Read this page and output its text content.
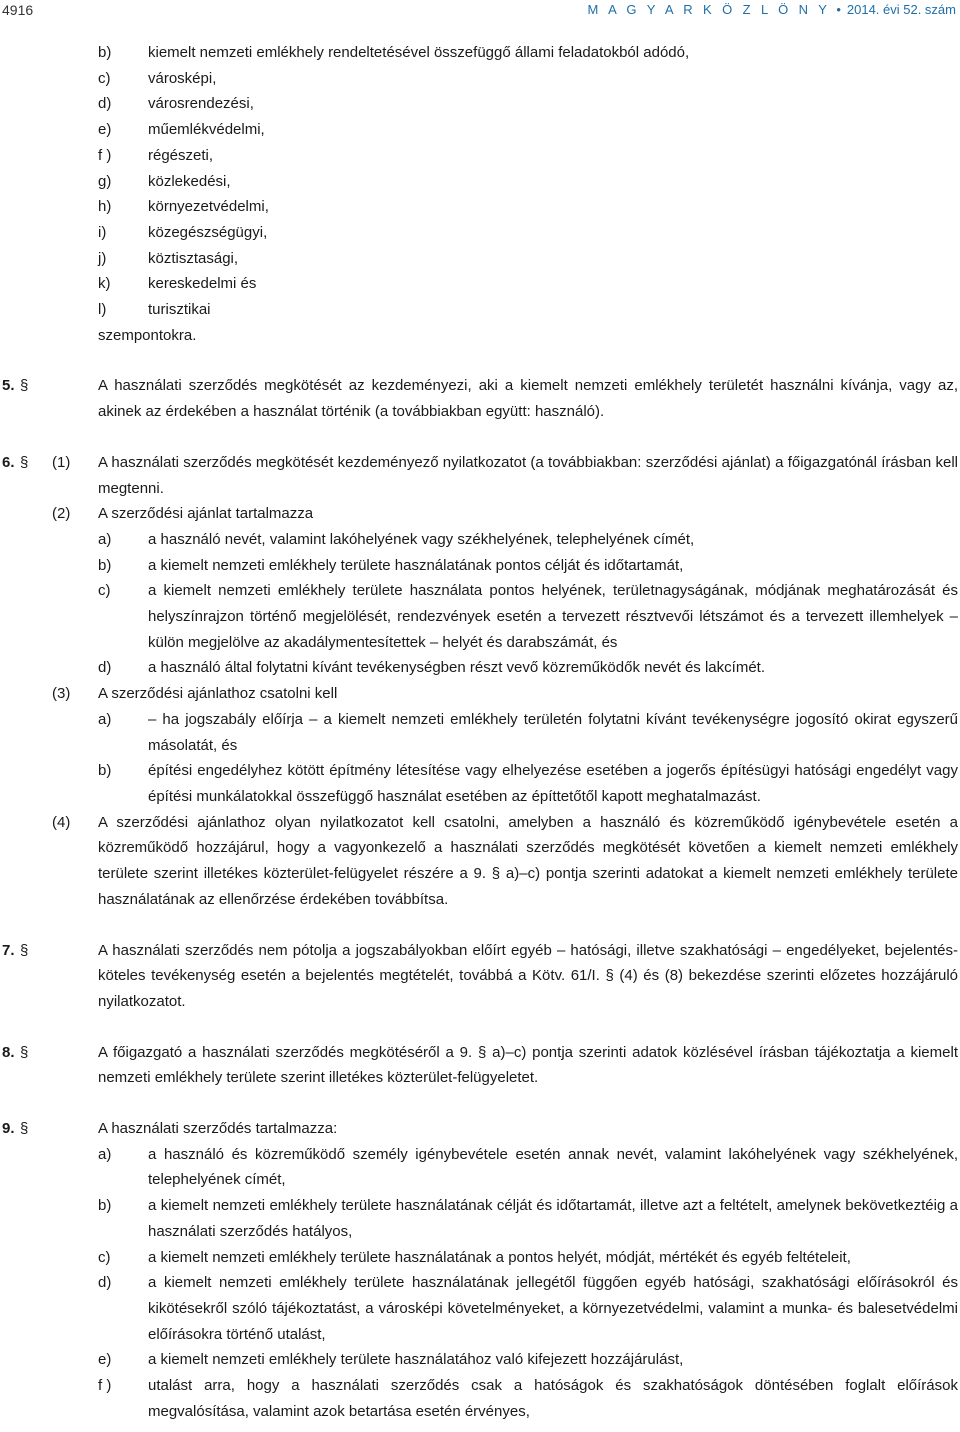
4916	M A G Y A R K Ö Z L Ö N Y • 2014. évi 52. szám
b)	kiemelt nemzeti emlékhely rendeltetésével összefüggő állami feladatokból adódó,
c)	városképi,
d)	városrendezési,
e)	műemlékvédelmi,
f )	régészeti,
g)	közlekedési,
h)	környezetvédelmi,
i)	közegészségügyi,
j)	köztisztasági,
k)	kereskedelmi és
l)	turisztikai
szempontokra.
5. §	A használati szerződés megkötését az kezdeményezi, aki a kiemelt nemzeti emlékhely területét használni kívánja, vagy az, akinek az érdekében a használat történik (a továbbiakban együtt: használó).
6. § (1) A használati szerződés megkötését kezdeményező nyilatkozatot (a továbbiakban: szerződési ajánlat) a főigazgatónál írásban kell megtenni.
(2) A szerződési ajánlat tartalmazza
a)	a használó nevét, valamint lakóhelyének vagy székhelyének, telephelyének címét,
b)	a kiemelt nemzeti emlékhely területe használatának pontos célját és időtartamát,
c)	a kiemelt nemzeti emlékhely területe használata pontos helyének, területnagyságának, módjának meghatározását és helyszínrajzon történő megjelölését, rendezvények esetén a tervezett résztvevői létszámot és a tervezett illemhelyek – külön megjelölve az akadálymentesítettek – helyét és darabszámát, és
d)	a használó által folytatni kívánt tevékenységben részt vevő közreműködők nevét és lakcímét.
(3) A szerződési ajánlathoz csatolni kell
a)	– ha jogszabály előírja – a kiemelt nemzeti emlékhely területén folytatni kívánt tevékenységre jogosító okirat egyszerű másolatát, és
b)	építési engedélyhez kötött építmény létesítése vagy elhelyezése esetében a jogerős építésügyi hatósági engedélyt vagy építési munkálatokkal összefüggő használat esetében az építtetőtől kapott meghatalmazást.
(4) A szerződési ajánlathoz olyan nyilatkozatot kell csatolni, amelyben a használó és közreműködő igénybevétele esetén a közreműködő hozzájárul, hogy a vagyonkezelő a használati szerződés megkötését követően a kiemelt nemzeti emlékhely területe szerint illetékes közterület-felügyelet részére a 9. § a)–c) pontja szerinti adatokat a kiemelt nemzeti emlékhely területe használatának az ellenőrzése érdekében továbbítsa.
7. §	A használati szerződés nem pótolja a jogszabályokban előírt egyéb – hatósági, illetve szakhatósági – engedélyeket, bejelentés-köteles tevékenység esetén a bejelentés megtételét, továbbá a Kötv. 61/I. § (4) és (8) bekezdése szerinti előzetes hozzájáruló nyilatkozatot.
8. §	A főigazgató a használati szerződés megkötéséről a 9. § a)–c) pontja szerinti adatok közlésével írásban tájékoztatja a kiemelt nemzeti emlékhely területe szerint illetékes közterület-felügyeletet.
9. §	A használati szerződés tartalmazza:
a)	a használó és közreműködő személy igénybevétele esetén annak nevét, valamint lakóhelyének vagy székhelyének, telephelyének címét,
b)	a kiemelt nemzeti emlékhely területe használatának célját és időtartamát, illetve azt a feltételt, amelynek bekövetkeztéig a használati szerződés hatályos,
c)	a kiemelt nemzeti emlékhely területe használatának a pontos helyét, módját, mértékét és egyéb feltételeit,
d)	a kiemelt nemzeti emlékhely területe használatának jellegétől függően egyéb hatósági, szakhatósági előírásokról és kikötésekről szóló tájékoztatást, a városképi követelményeket, a környezetvédelmi, valamint a munka- és balesetvédelmi előírásokra történő utalást,
e)	a kiemelt nemzeti emlékhely területe használatához való kifejezett hozzájárulást,
f )	utalást arra, hogy a használati szerződés csak a hatóságok és szakhatóságok döntésében foglalt előírások megvalósítása, valamint azok betartása esetén érvényes,
